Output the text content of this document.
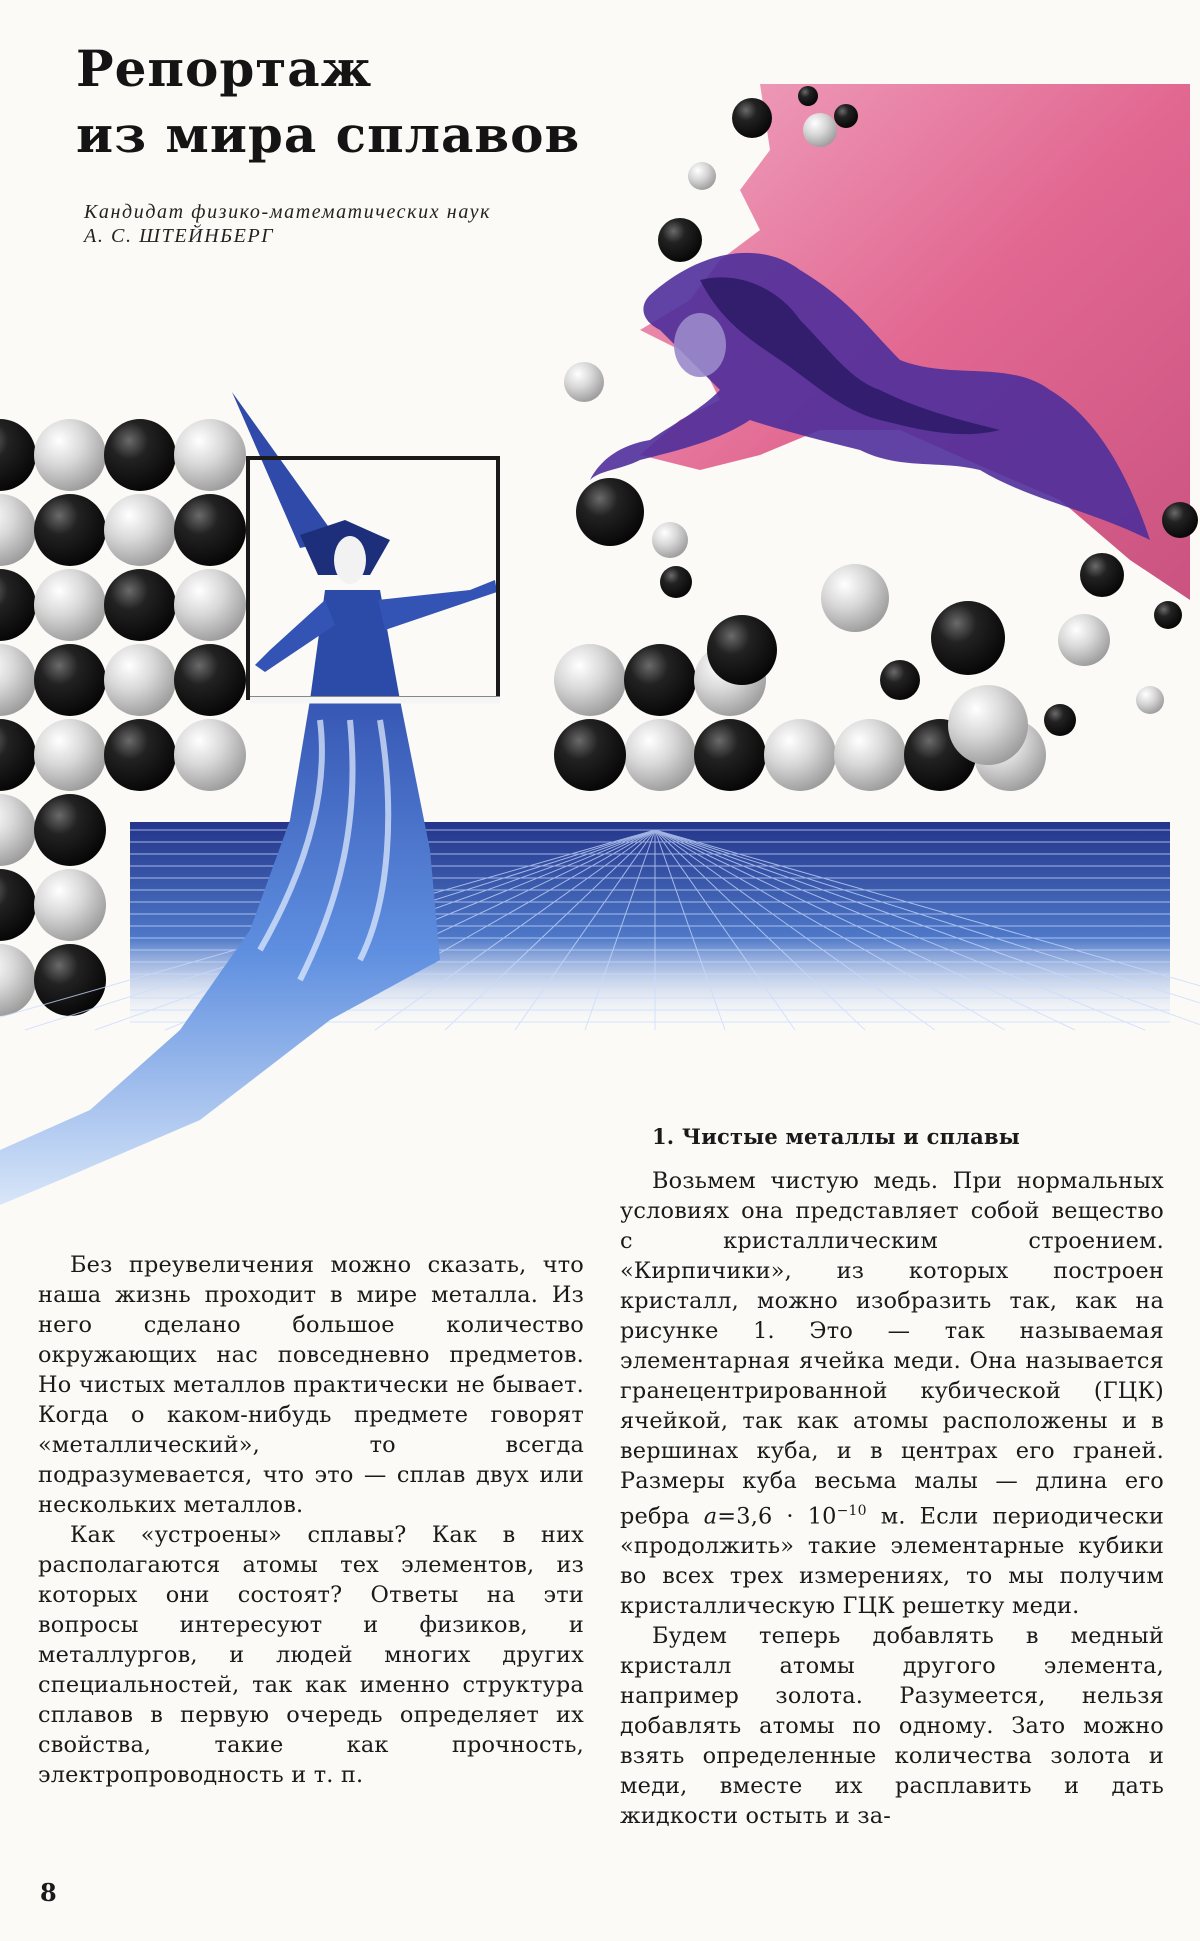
Репортаж
из мира сплавов
Кандидат физико-математических наук
А. С. ШТЕЙНБЕРГ

Без преувеличения можно сказать, что наша жизнь проходит в мире металла. Из него сделано большое количество окружающих нас повседневно предметов. Но чистых металлов практически не бывает. Когда о каком-нибудь предмете говорят «металлический», то всегда подразумевается, что это — сплав двух или нескольких металлов.

Как «устроены» сплавы? Как в них располагаются атомы тех элементов, из которых они состоят? Ответы на эти вопросы интересуют и физиков, и металлургов, и людей многих других специальностей, так как именно структура сплавов в первую очередь определяет их свойства, такие как прочность, электропроводность и т. п.

1. Чистые металлы и сплавы

Возьмем чистую медь. При нормальных условиях она представляет собой вещество с кристаллическим строением. «Кирпичики», из которых построен кристалл, можно изобразить так, как на рисунке 1. Это — так называемая элементарная ячейка меди. Она называется гранецентрированной кубической (ГЦК) ячейкой, так как атомы расположены и в вершинах куба, и в центрах его граней. Размеры куба весьма малы — длина его ребра $a=3,6 \cdot 10^{-10}$ м. Если периодически «продолжить» такие элементарные кубики во всех трех измерениях, то мы получим кристаллическую ГЦК решетку меди.

Будем теперь добавлять в медный кристалл атомы другого элемента, например золота. Разумеется, нельзя добавлять атомы по одному. Зато можно взять определенные количества золота и меди, вместе их расплавить и дать жидкости остыть и за-

8
